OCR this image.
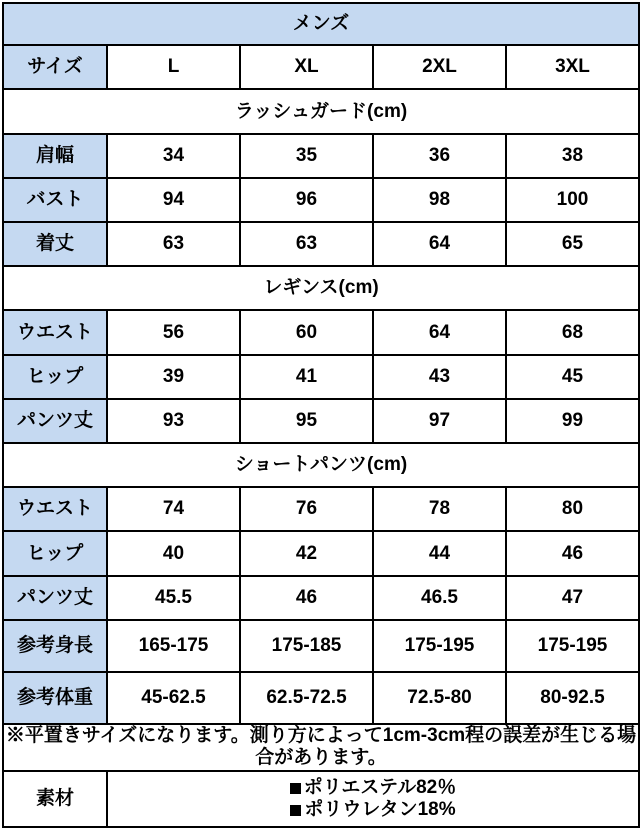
メンズ				
サイズ	L	XL	2XL	3XL
ラッシュガード(cm)				
肩幅	34	35	36	38
バスト	94	96	98	100
着丈	63	63	64	65
レギンス(cm)				
ウエスト	56	60	64	68
ヒップ	39	41	43	45
パンツ丈	93	95	97	99
ショートパンツ(cm)				
ウエスト	74	76	78	80
ヒップ	40	42	44	46
パンツ丈	45.5	46	46.5	47
参考身長	165-175	175-185	175-195	175-195
参考体重	45-62.5	62.5-72.5	72.5-80	80-92.5
※平置きサイズになります。測り方によって1cm-3cm程の誤差が生じる場合があります。				
素材	ポリエステル82％
ポリウレタン18%			
